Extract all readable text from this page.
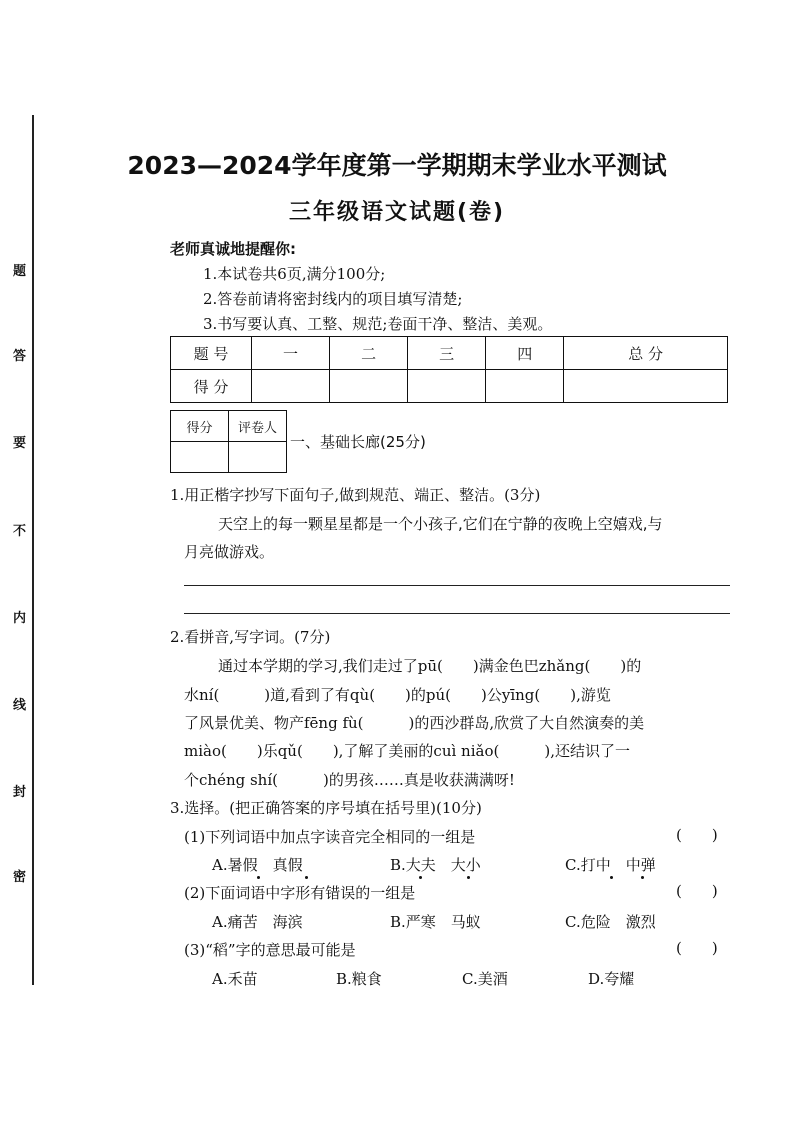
题
答
要
不
内
线
封
密
2023—2024学年度第一学期期末学业水平测试
三年级语文试题(卷)
老师真诚地提醒你:
1.本试卷共6页,满分100分;
2.答卷前请将密封线内的项目填写清楚;
3.书写要认真、工整、规范;卷面干净、整洁、美观。
题 号	一	二	三	四	总 分
得 分					
得分	评卷人

一、基础长廊(25分)
1.用正楷字抄写下面句子,做到规范、端正、整洁。(3分)
天空上的每一颗星星都是一个小孩子,它们在宁静的夜晚上空嬉戏,与
月亮做游戏。
2.看拼音,写字词。(7分)
通过本学期的学习,我们走过了pū(　　)满金色巴zhǎng(　　)的
水ní(　　　)道,看到了有qù(　　)的pú(　　)公yīng(　　),游览
了风景优美、物产fēng fù(　　　)的西沙群岛,欣赏了大自然演奏的美
miào(　　)乐qǔ(　　),了解了美丽的cuì niǎo(　　　),还结识了一
个chéng shí(　　　)的男孩……真是收获满满呀!
3.选择。(把正确答案的序号填在括号里)(10分)
(1)下列词语中加点字读音完全相同的一组是	(　　)
A.暑假　真假	B.大夫　大小	C.打中　中弹
(2)下面词语中字形有错误的一组是	(　　)
A.痛苦　海滨	B.严寒　马蚁	C.危险　激烈
(3)“稻”字的意思最可能是	(　　)
A.禾苗	B.粮食	C.美酒	D.夸耀
